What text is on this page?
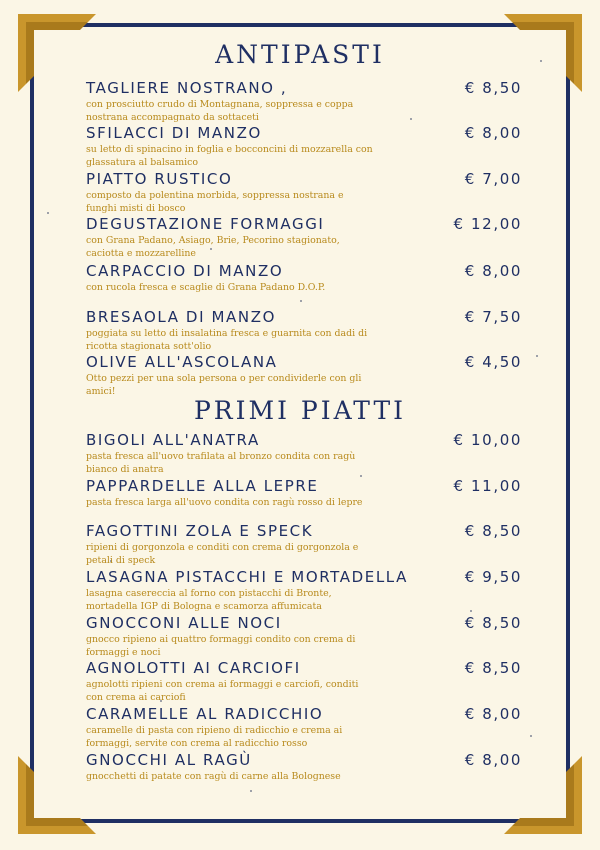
ANTIPASTI
TAGLIERE NOSTRANO ,	€ 8,50
con prosciutto crudo di Montagnana, soppressa e coppa nostrana accompagnato da sottaceti
SFILACCI DI MANZO	€ 8,00
su letto di spinacino in foglia e bocconcini di mozzarella con glassatura al balsamico
PIATTO RUSTICO	€ 7,00
composto da polentina morbida, soppressa nostrana e funghi misti di bosco
DEGUSTAZIONE FORMAGGI	€ 12,00
con Grana Padano, Asiago, Brie, Pecorino stagionato, caciotta e mozzarelline
CARPACCIO DI MANZO	€ 8,00
con rucola fresca e scaglie di Grana Padano D.O.P.
BRESAOLA DI MANZO	€ 7,50
poggiata su letto di insalatina fresca e guarnita con dadi di ricotta stagionata sott'olio
OLIVE ALL'ASCOLANA	€ 4,50
Otto pezzi per una sola persona o per condividerle con gli amici!
PRIMI PIATTI
BIGOLI ALL'ANATRA	€ 10,00
pasta fresca all'uovo trafilata al bronzo condita con ragù bianco di anatra
PAPPARDELLE ALLA LEPRE	€ 11,00
pasta fresca larga all'uovo condita con ragù rosso di lepre
FAGOTTINI ZOLA E SPECK	€ 8,50
ripieni di gorgonzola e conditi con crema di gorgonzola e petali di speck
LASAGNA PISTACCHI E MORTADELLA	€ 9,50
lasagna casereccia al forno con pistacchi di Bronte, mortadella IGP di Bologna e scamorza affumicata
GNOCCONI ALLE NOCI	€ 8,50
gnocco ripieno ai quattro formaggi condito con crema di formaggi e noci
AGNOLOTTI AI CARCIOFI	€ 8,50
agnolotti ripieni con crema ai formaggi e carciofi, conditi con crema ai carciofi
CARAMELLE AL RADICCHIO	€ 8,00
caramelle di pasta con ripieno di radicchio e crema ai formaggi, servite con crema al radicchio rosso
GNOCCHI AL RAGÙ	€ 8,00
gnocchetti di patate con ragù di carne alla Bolognese
